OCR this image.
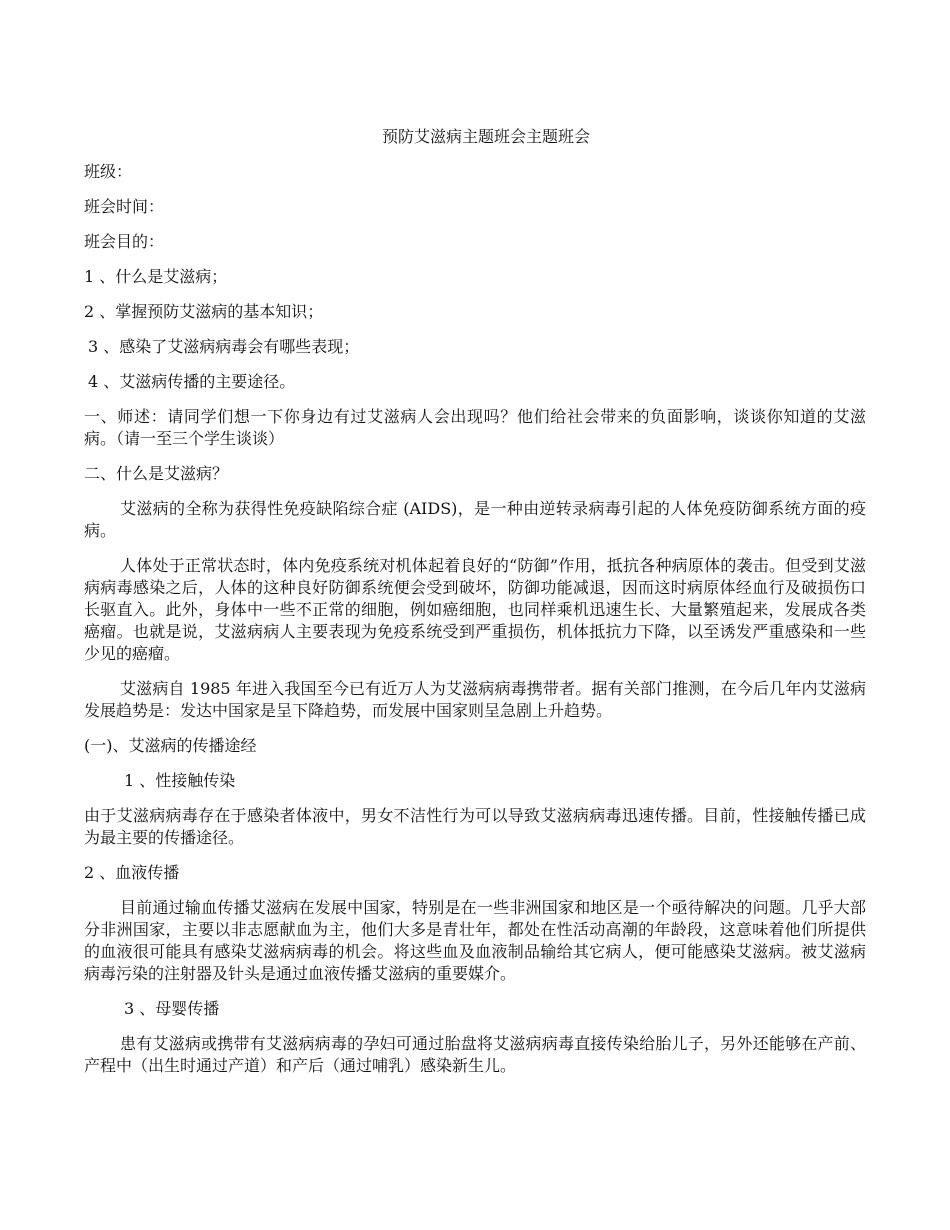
预防艾滋病主题班会主题班会
班级：
班会时间：
班会目的：
1 、什么是艾滋病；
2 、掌握预防艾滋病的基本知识；
3 、感染了艾滋病病毒会有哪些表现；
4 、艾滋病传播的主要途径。
一、师述：请同学们想一下你身边有过艾滋病人会出现吗？他们给社会带来的负面影响，谈谈你知道的艾滋病。（请一至三个学生谈谈）
二、什么是艾滋病？
艾滋病的全称为获得性免疫缺陷综合症 (AIDS)，是一种由逆转录病毒引起的人体免疫防御系统方面的疫病。
人体处于正常状态时，体内免疫系统对机体起着良好的“防御”作用，抵抗各种病原体的袭击。但受到艾滋病病毒感染之后，人体的这种良好防御系统便会受到破坏，防御功能减退，因而这时病原体经血行及破损伤口长驱直入。此外，身体中一些不正常的细胞，例如癌细胞，也同样乘机迅速生长、大量繁殖起来，发展成各类癌瘤。也就是说，艾滋病病人主要表现为免疫系统受到严重损伤，机体抵抗力下降，以至诱发严重感染和一些少见的癌瘤。
艾滋病自 1985 年进入我国至今已有近万人为艾滋病病毒携带者。据有关部门推测，在今后几年内艾滋病发展趋势是：发达中国家是呈下降趋势，而发展中国家则呈急剧上升趋势。
(一)、艾滋病的传播途经
1 、性接触传染
由于艾滋病病毒存在于感染者体液中，男女不洁性行为可以导致艾滋病病毒迅速传播。目前，性接触传播已成为最主要的传播途径。
2 、血液传播
目前通过输血传播艾滋病在发展中国家，特别是在一些非洲国家和地区是一个亟待解决的问题。几乎大部分非洲国家，主要以非志愿献血为主，他们大多是青壮年，都处在性活动高潮的年龄段，这意味着他们所提供的血液很可能具有感染艾滋病病毒的机会。将这些血及血液制品输给其它病人，便可能感染艾滋病。被艾滋病病毒污染的注射器及针头是通过血液传播艾滋病的重要媒介。
3 、母婴传播
患有艾滋病或携带有艾滋病病毒的孕妇可通过胎盘将艾滋病病毒直接传染给胎儿子，另外还能够在产前、产程中（出生时通过产道）和产后（通过哺乳）感染新生儿。
